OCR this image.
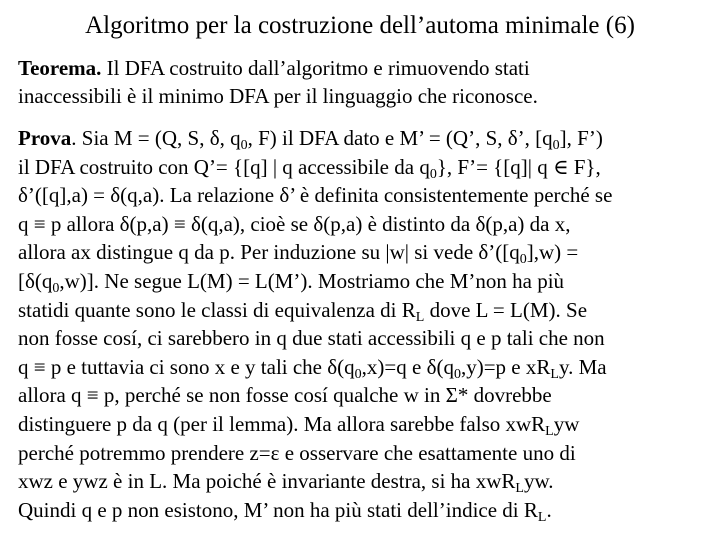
Algoritmo per la costruzione dell’automa minimale (6)
Teorema. Il DFA costruito dall’algoritmo e rimuovendo stati
inaccessibili è il minimo DFA per il linguaggio che riconosce.
Prova. Sia M = (Q, S, δ, $q_0$, F) il DFA dato e M’ = (Q’, S, δ’, $[q_0]$, F’)
il DFA costruito con Q’= {[q] | q accessibile da $q_0$}, F’= {[q]| q ∈ F},
δ’([q],a) = δ(q,a). La relazione δ’ è definita consistentemente perché se
q ≡ p allora δ(p,a) ≡ δ(q,a), cioè se δ(p,a) è distinto da δ(p,a) da x,
allora ax distingue q da p. Per induzione su |w| si vede $\delta’([q_0],w)$ =
$[\delta(q_0,w)]$. Ne segue L(M) = L(M’). Mostriamo che M’non ha più
statidi quante sono le classi di equivalenza di $R_L$ dove L = L(M). Se
non fosse cosí, ci sarebbero in q due stati accessibili q e p tali che non
q ≡ p e tuttavia ci sono x e y tali che $\delta(q_0,x)=q$ e $\delta(q_0,y)=p$ e $xR_Ly$. Ma
allora q ≡ p, perché se non fosse cosí qualche w in Σ* dovrebbe
distinguere p da q (per il lemma). Ma allora sarebbe falso xwR$_L$yw
perché potremmo prendere z=ε e osservare che esattamente uno di
xwz e ywz è in L. Ma poiché è invariante destra, si ha xwR$_L$yw.
Quindi q e p non esistono, M’ non ha più stati dell’indice di $R_L$.
